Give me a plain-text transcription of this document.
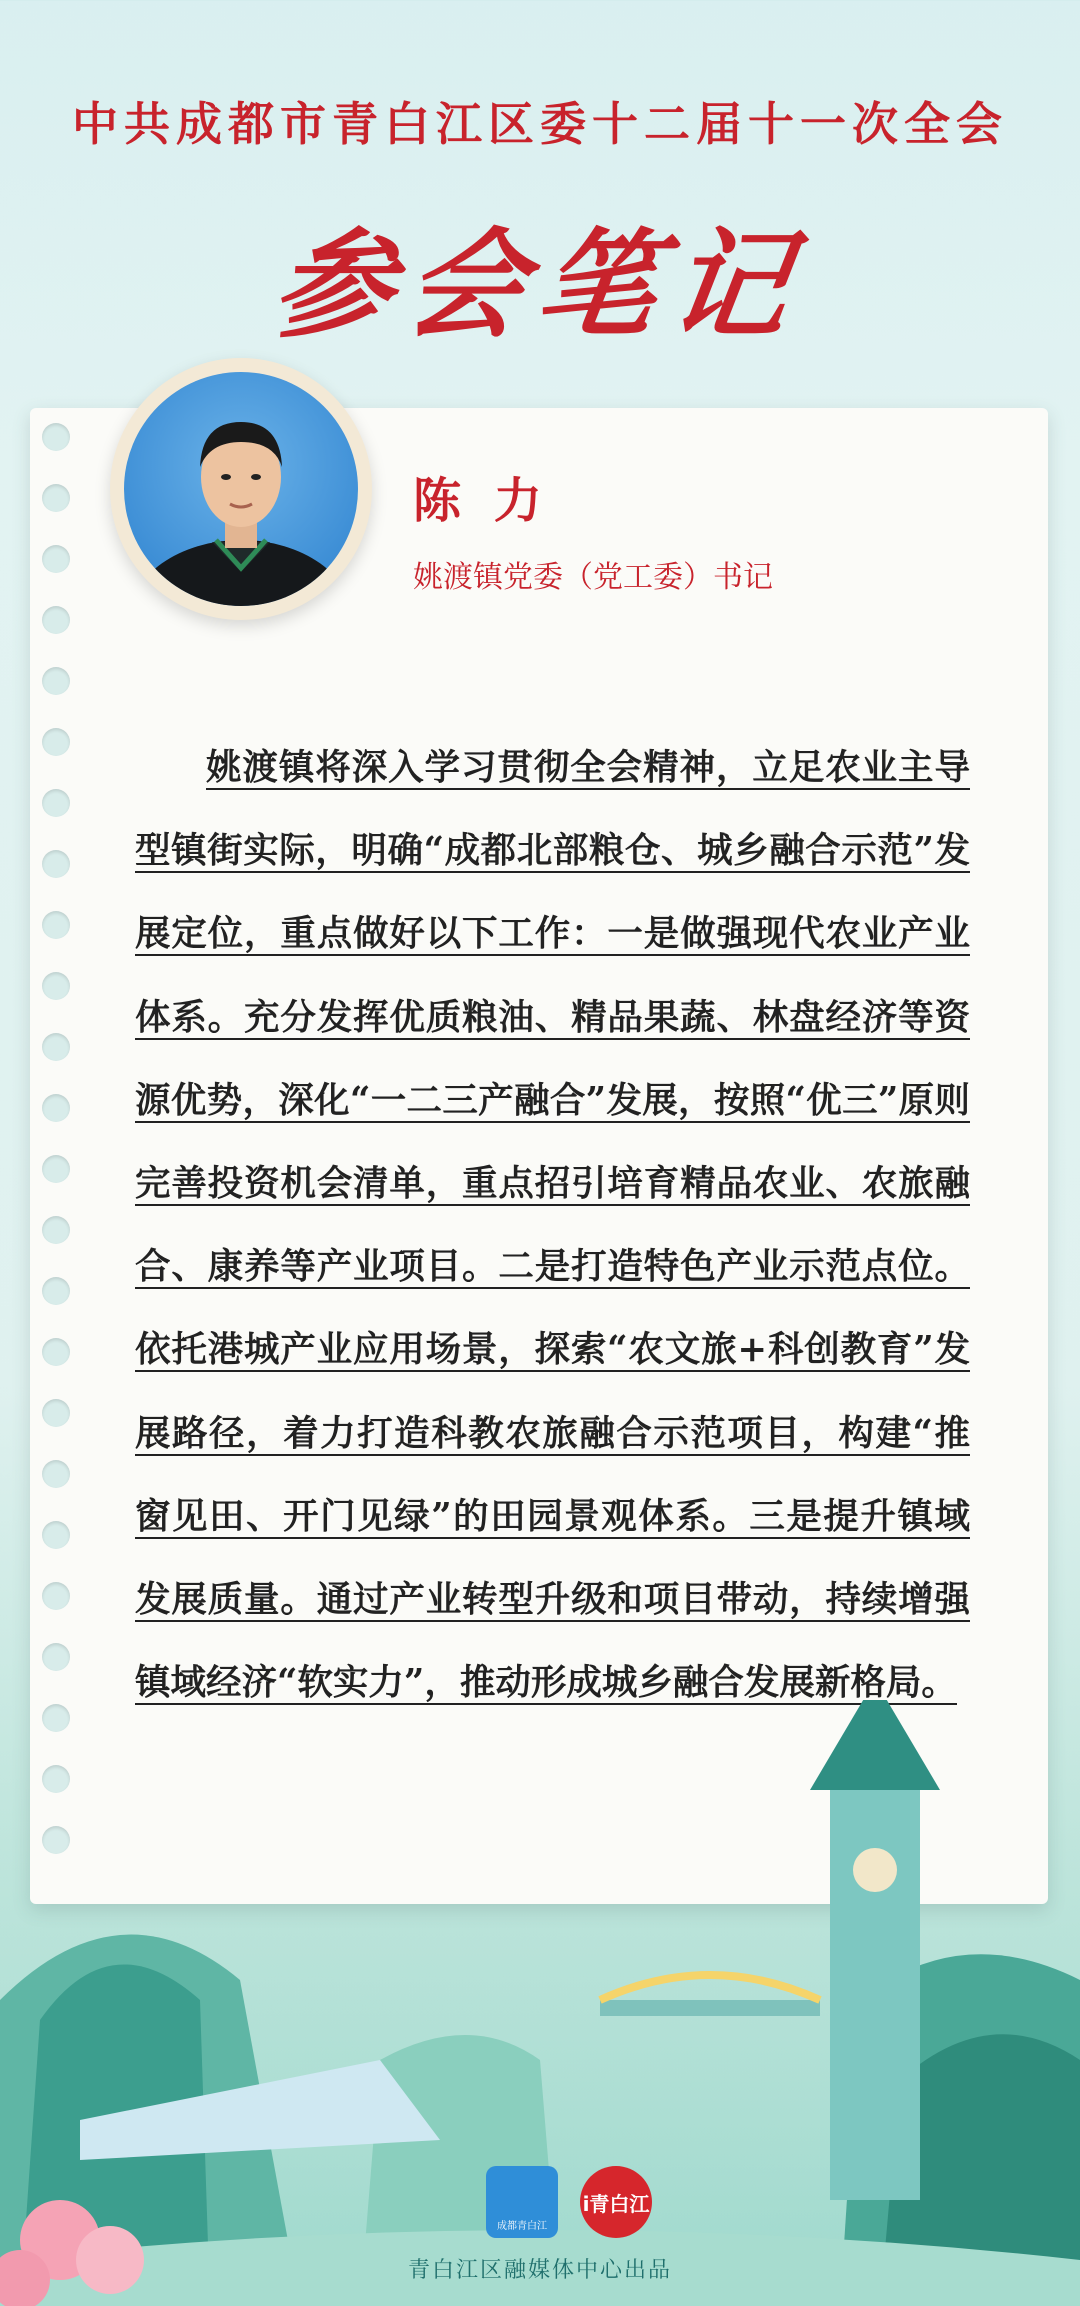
中共成都市青白江区委十二届十一次全会
参会笔记
陈 力
姚渡镇党委（党工委）书记
姚渡镇将深入学习贯彻全会精神，立足农业主导型镇街实际，明确“成都北部粮仓、城乡融合示范”发展定位，重点做好以下工作：一是做强现代农业产业体系。充分发挥优质粮油、精品果蔬、林盘经济等资源优势，深化“一二三产融合”发展，按照“优三”原则完善投资机会清单，重点招引培育精品农业、农旅融合、康养等产业项目。二是打造特色产业示范点位。依托港城产业应用场景，探索“农文旅+科创教育”发展路径，着力打造科教农旅融合示范项目，构建“推窗见田、开门见绿”的田园景观体系。三是提升镇域发展质量。通过产业转型升级和项目带动，持续增强镇域经济“软实力”，推动形成城乡融合发展新格局。
成都青白江
i青白江
青白江区融媒体中心出品
